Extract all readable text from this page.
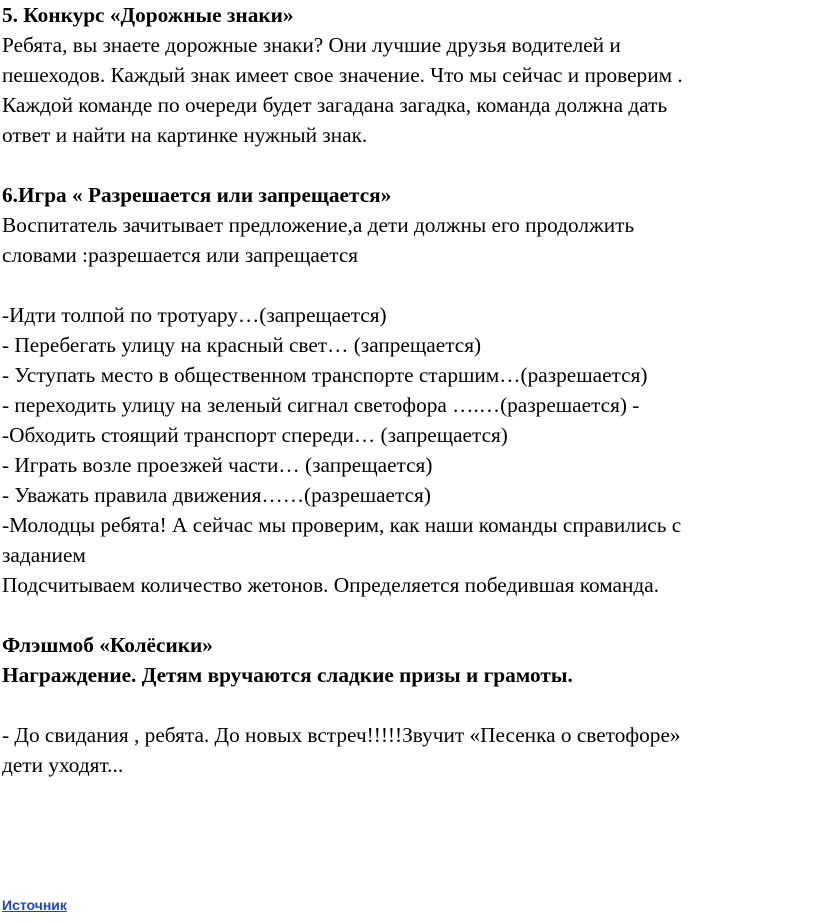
5. Конкурс «Дорожные знаки»

Ребята, вы знаете дорожные знаки? Они лучшие друзья водителей и

пешеходов. Каждый знак имеет свое значение. Что мы сейчас и проверим .

Каждой команде по очереди будет загадана загадка, команда должна дать

ответ и найти на картинке нужный знак.

6.Игра « Разрешается или запрещается»

Воспитатель зачитывает предложение,а дети должны его продолжить

словами :разрешается или запрещается

-Идти толпой по тротуару…(запрещается)

- Перебегать улицу на красный свет… (запрещается)

- Уступать место в общественном транспорте старшим…(разрешается)

- переходить улицу на зеленый сигнал светофора ….…(разрешается) -

-Обходить стоящий транспорт спереди… (запрещается)

- Играть возле проезжей части… (запрещается)

- Уважать правила движения……(разрешается)

-Молодцы ребята! А сейчас мы проверим, как наши команды справились с

заданием

Подсчитываем количество жетонов. Определяется победившая команда.

Флэшмоб «Колёсики»

Награждение. Детям вручаются сладкие призы и грамоты.

- До свидания , ребята. До новых встреч!!!!!Звучит «Песенка о светофоре»

дети уходят...

Источник
